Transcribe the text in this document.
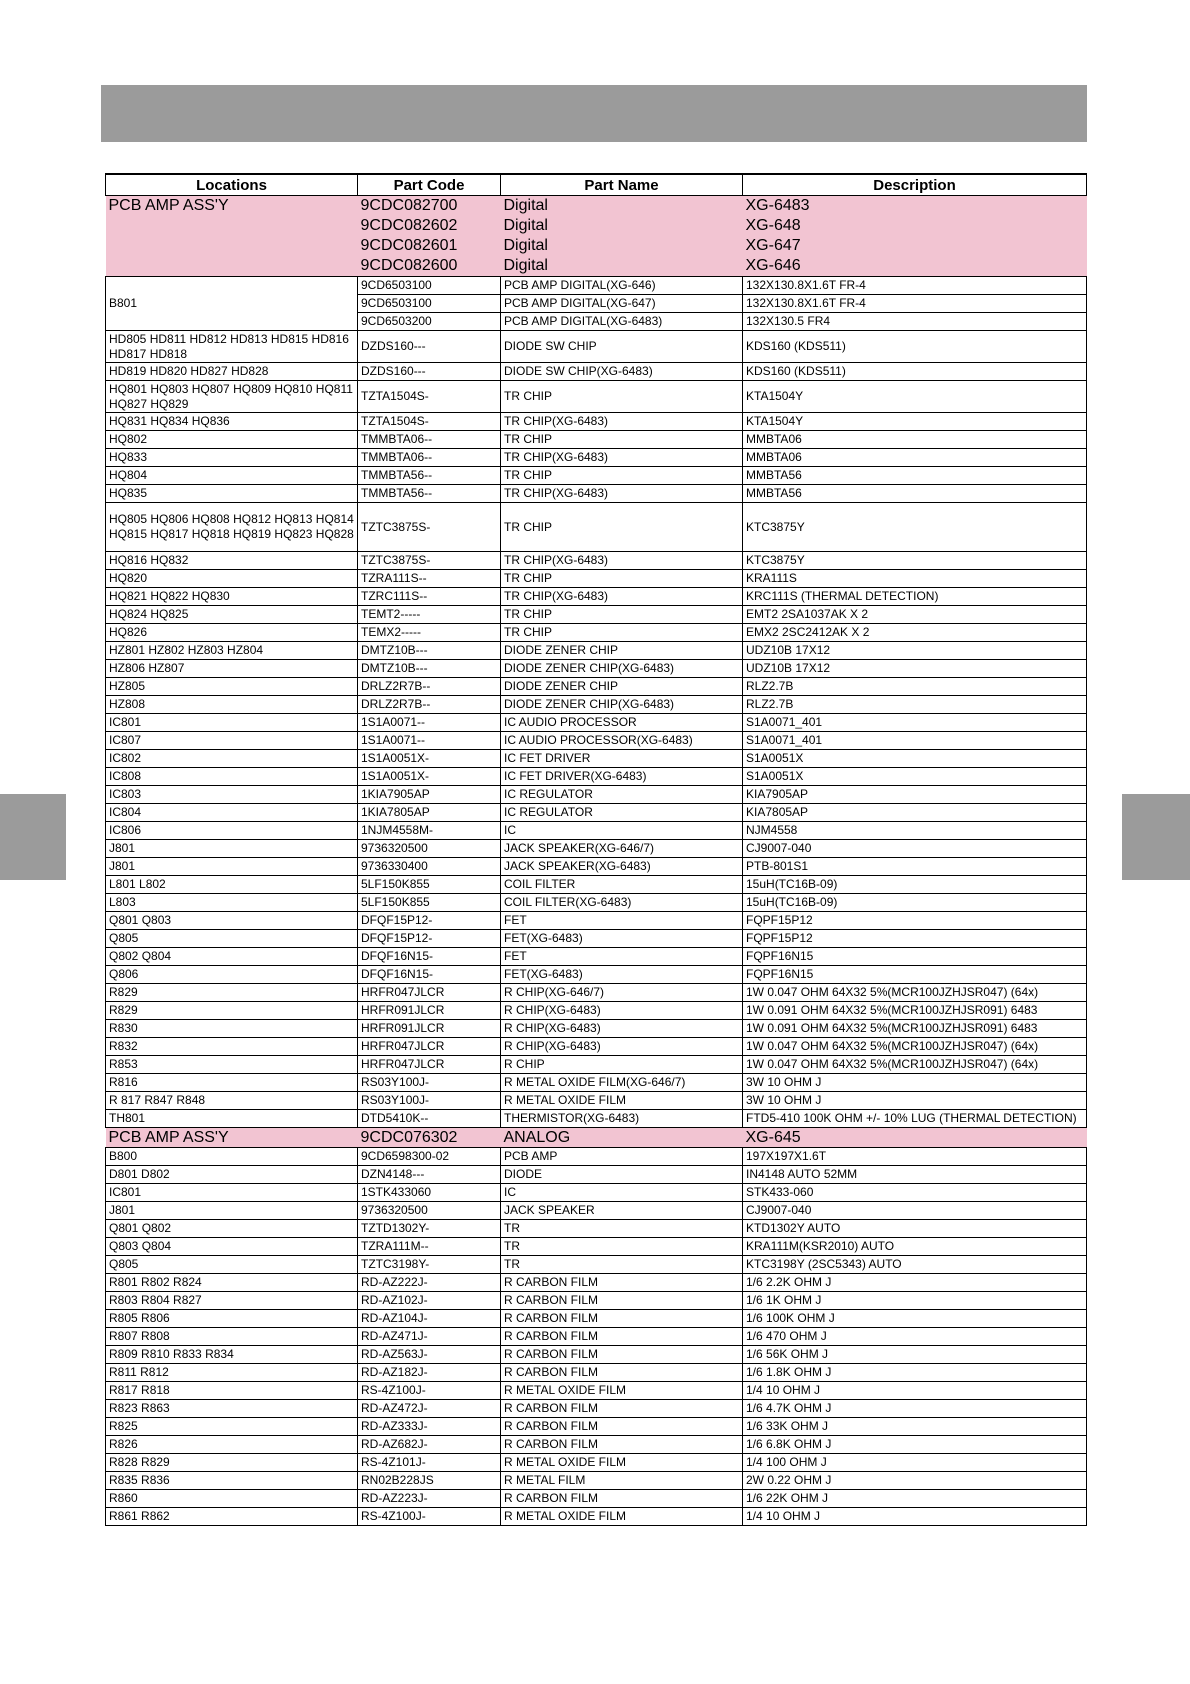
PCB AMP ASS'Y	9CDC082700	Digital	XG-6483
	9CDC082602	Digital	XG-648
	9CDC082601	Digital	XG-647
	9CDC082600	Digital	XG-646
Locations	Part Code	Part Name	Description
B801	9CD6503100	PCB AMP DIGITAL(XG-646)	132X130.8X1.6T FR-4
	9CD6503100	PCB AMP DIGITAL(XG-647)	132X130.8X1.6T FR-4
	9CD6503200	PCB AMP DIGITAL(XG-6483)	132X130.5 FR4
HD805 HD811 HD812 HD813 HD815 HD816 HD817 HD818	DZDS160---	DIODE SW CHIP	KDS160 (KDS511)
HD819 HD820 HD827 HD828	DZDS160---	DIODE SW CHIP(XG-6483)	KDS160 (KDS511)
HQ801 HQ803 HQ807 HQ809 HQ810 HQ811 HQ827 HQ829	TZTA1504S-	TR CHIP	KTA1504Y
HQ831 HQ834 HQ836	TZTA1504S-	TR CHIP(XG-6483)	KTA1504Y
HQ802	TMMBTA06--	TR CHIP	MMBTA06
HQ833	TMMBTA06--	TR CHIP(XG-6483)	MMBTA06
HQ804	TMMBTA56--	TR CHIP	MMBTA56
HQ835	TMMBTA56--	TR CHIP(XG-6483)	MMBTA56
HQ805 HQ806 HQ808 HQ812 HQ813 HQ814 HQ815 HQ817 HQ818 HQ819 HQ823 HQ828	TZTC3875S-	TR CHIP	KTC3875Y
HQ816 HQ832	TZTC3875S-	TR CHIP(XG-6483)	KTC3875Y
HQ820	TZRA111S--	TR CHIP	KRA111S
HQ821 HQ822 HQ830	TZRC111S--	TR CHIP(XG-6483)	KRC111S (THERMAL DETECTION)
HQ824 HQ825	TEMT2-----	TR CHIP	EMT2 2SA1037AK X 2
HQ826	TEMX2-----	TR CHIP	EMX2 2SC2412AK X 2
HZ801 HZ802 HZ803 HZ804	DMTZ10B---	DIODE ZENER CHIP	UDZ10B 17X12
HZ806 HZ807	DMTZ10B---	DIODE ZENER CHIP(XG-6483)	UDZ10B 17X12
HZ805	DRLZ2R7B--	DIODE ZENER CHIP	RLZ2.7B
HZ808	DRLZ2R7B--	DIODE ZENER CHIP(XG-6483)	RLZ2.7B
IC801	1S1A0071--	IC AUDIO PROCESSOR	S1A0071_401
IC807	1S1A0071--	IC AUDIO PROCESSOR(XG-6483)	S1A0071_401
IC802	1S1A0051X-	IC FET DRIVER	S1A0051X
IC808	1S1A0051X-	IC FET DRIVER(XG-6483)	S1A0051X
IC803	1KIA7905AP	IC REGULATOR	KIA7905AP
IC804	1KIA7805AP	IC REGULATOR	KIA7805AP
IC806	1NJM4558M-	IC	NJM4558
J801	9736320500	JACK SPEAKER(XG-646/7)	CJ9007-040
J801	9736330400	JACK SPEAKER(XG-6483)	PTB-801S1
L801 L802	5LF150K855	COIL FILTER	15uH(TC16B-09)
L803	5LF150K855	COIL FILTER(XG-6483)	15uH(TC16B-09)
Q801 Q803	DFQF15P12-	FET	FQPF15P12
Q805	DFQF15P12-	FET(XG-6483)	FQPF15P12
Q802 Q804	DFQF16N15-	FET	FQPF16N15
Q806	DFQF16N15-	FET(XG-6483)	FQPF16N15
R829	HRFR047JLCR	R CHIP(XG-646/7)	1W 0.047 OHM 64X32 5%(MCR100JZHJSR047) (64x)
R829	HRFR091JLCR	R CHIP(XG-6483)	1W 0.091 OHM 64X32 5%(MCR100JZHJSR091) 6483
R830	HRFR091JLCR	R CHIP(XG-6483)	1W 0.091 OHM 64X32 5%(MCR100JZHJSR091) 6483
R832	HRFR047JLCR	R CHIP(XG-6483)	1W 0.047 OHM 64X32 5%(MCR100JZHJSR047) (64x)
R853	HRFR047JLCR	R CHIP	1W 0.047 OHM 64X32 5%(MCR100JZHJSR047) (64x)
R816	RS03Y100J-	R METAL OXIDE FILM(XG-646/7)	3W 10 OHM J
R 817 R847 R848	RS03Y100J-	R METAL OXIDE FILM	3W 10 OHM J
TH801	DTD5410K--	THERMISTOR(XG-6483)	FTD5-410 100K OHM +/- 10% LUG (THERMAL DETECTION)
PCB AMP ASS'Y	9CDC076302	ANALOG	XG-645
B800	9CD6598300-02	PCB AMP	197X197X1.6T
D801 D802	DZN4148---	DIODE	IN4148 AUTO 52MM
IC801	1STK433060	IC	STK433-060
J801	9736320500	JACK SPEAKER	CJ9007-040
Q801 Q802	TZTD1302Y-	TR	KTD1302Y AUTO
Q803 Q804	TZRA111M--	TR	KRA111M(KSR2010) AUTO
Q805	TZTC3198Y-	TR	KTC3198Y (2SC5343) AUTO
R801 R802 R824	RD-AZ222J-	R CARBON FILM	1/6 2.2K OHM J
R803 R804 R827	RD-AZ102J-	R CARBON FILM	1/6 1K OHM J
R805 R806	RD-AZ104J-	R CARBON FILM	1/6 100K OHM J
R807 R808	RD-AZ471J-	R CARBON FILM	1/6 470 OHM J
R809 R810 R833 R834	RD-AZ563J-	R CARBON FILM	1/6 56K OHM J
R811 R812	RD-AZ182J-	R CARBON FILM	1/6 1.8K OHM J
R817 R818	RS-4Z100J-	R METAL OXIDE FILM	1/4 10 OHM J
R823 R863	RD-AZ472J-	R CARBON FILM	1/6 4.7K OHM J
R825	RD-AZ333J-	R CARBON FILM	1/6 33K OHM J
R826	RD-AZ682J-	R CARBON FILM	1/6 6.8K OHM J
R828 R829	RS-4Z101J-	R METAL OXIDE FILM	1/4 100 OHM J
R835 R836	RN02B228JS	R METAL FILM	2W 0.22 OHM J
R860	RD-AZ223J-	R CARBON FILM	1/6 22K OHM J
R861 R862	RS-4Z100J-	R METAL OXIDE FILM	1/4 10 OHM J
